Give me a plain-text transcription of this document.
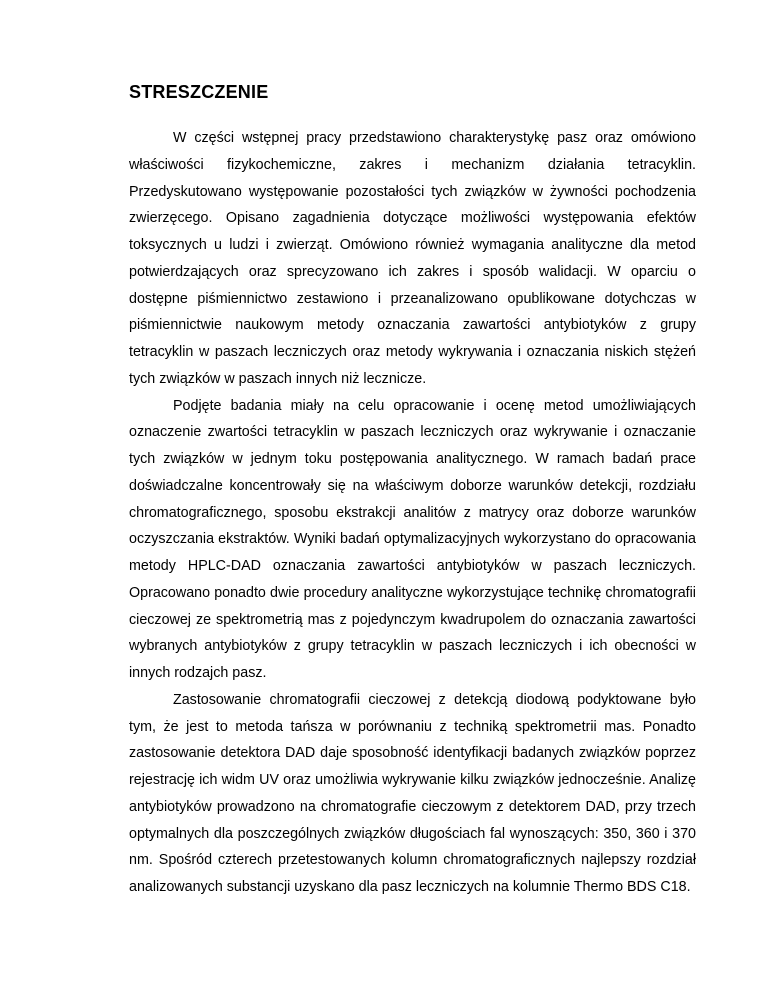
STRESZCZENIE

W części wstępnej pracy przedstawiono charakterystykę pasz oraz omówiono właściwości fizykochemiczne, zakres i mechanizm działania tetracyklin. Przedyskutowano występowanie pozostałości tych związków w żywności pochodzenia zwierzęcego. Opisano zagadnienia dotyczące możliwości występowania efektów toksycznych u ludzi i zwierząt. Omówiono również wymagania analityczne dla metod potwierdzających oraz sprecyzowano ich zakres i sposób walidacji. W oparciu o dostępne piśmiennictwo zestawiono i przeanalizowano opublikowane dotychczas w piśmiennictwie naukowym metody oznaczania zawartości antybiotyków z grupy tetracyklin w paszach leczniczych oraz metody wykrywania i oznaczania niskich stężeń tych związków w paszach innych niż lecznicze.

Podjęte badania miały na celu opracowanie i ocenę metod umożliwiających oznaczenie zwartości tetracyklin w paszach leczniczych oraz wykrywanie i oznaczanie tych związków w jednym toku postępowania analitycznego. W ramach badań prace doświadczalne koncentrowały się na właściwym doborze warunków detekcji, rozdziału chromatograficznego, sposobu ekstrakcji analitów z matrycy oraz doborze warunków oczyszczania ekstraktów. Wyniki badań optymalizacyjnych wykorzystano do opracowania metody HPLC-DAD oznaczania zawartości antybiotyków w paszach leczniczych. Opracowano ponadto dwie procedury analityczne wykorzystujące technikę chromatografii cieczowej ze spektrometrią mas z pojedynczym kwadrupolem do oznaczania zawartości wybranych antybiotyków z grupy tetracyklin w paszach leczniczych i ich obecności w innych rodzajch pasz.

Zastosowanie chromatografii cieczowej z detekcją diodową podyktowane było tym, że jest to metoda tańsza w porównaniu z techniką spektrometrii mas. Ponadto zastosowanie detektora DAD daje sposobność identyfikacji badanych związków poprzez rejestrację ich widm UV oraz umożliwia wykrywanie kilku związków jednocześnie. Analizę antybiotyków prowadzono na chromatografie cieczowym z detektorem DAD, przy trzech optymalnych dla poszczególnych związków długościach fal wynoszących: 350, 360 i 370 nm. Spośród czterech przetestowanych kolumn chromatograficznych najlepszy rozdział analizowanych substancji uzyskano dla pasz leczniczych na kolumnie Thermo BDS C18.
